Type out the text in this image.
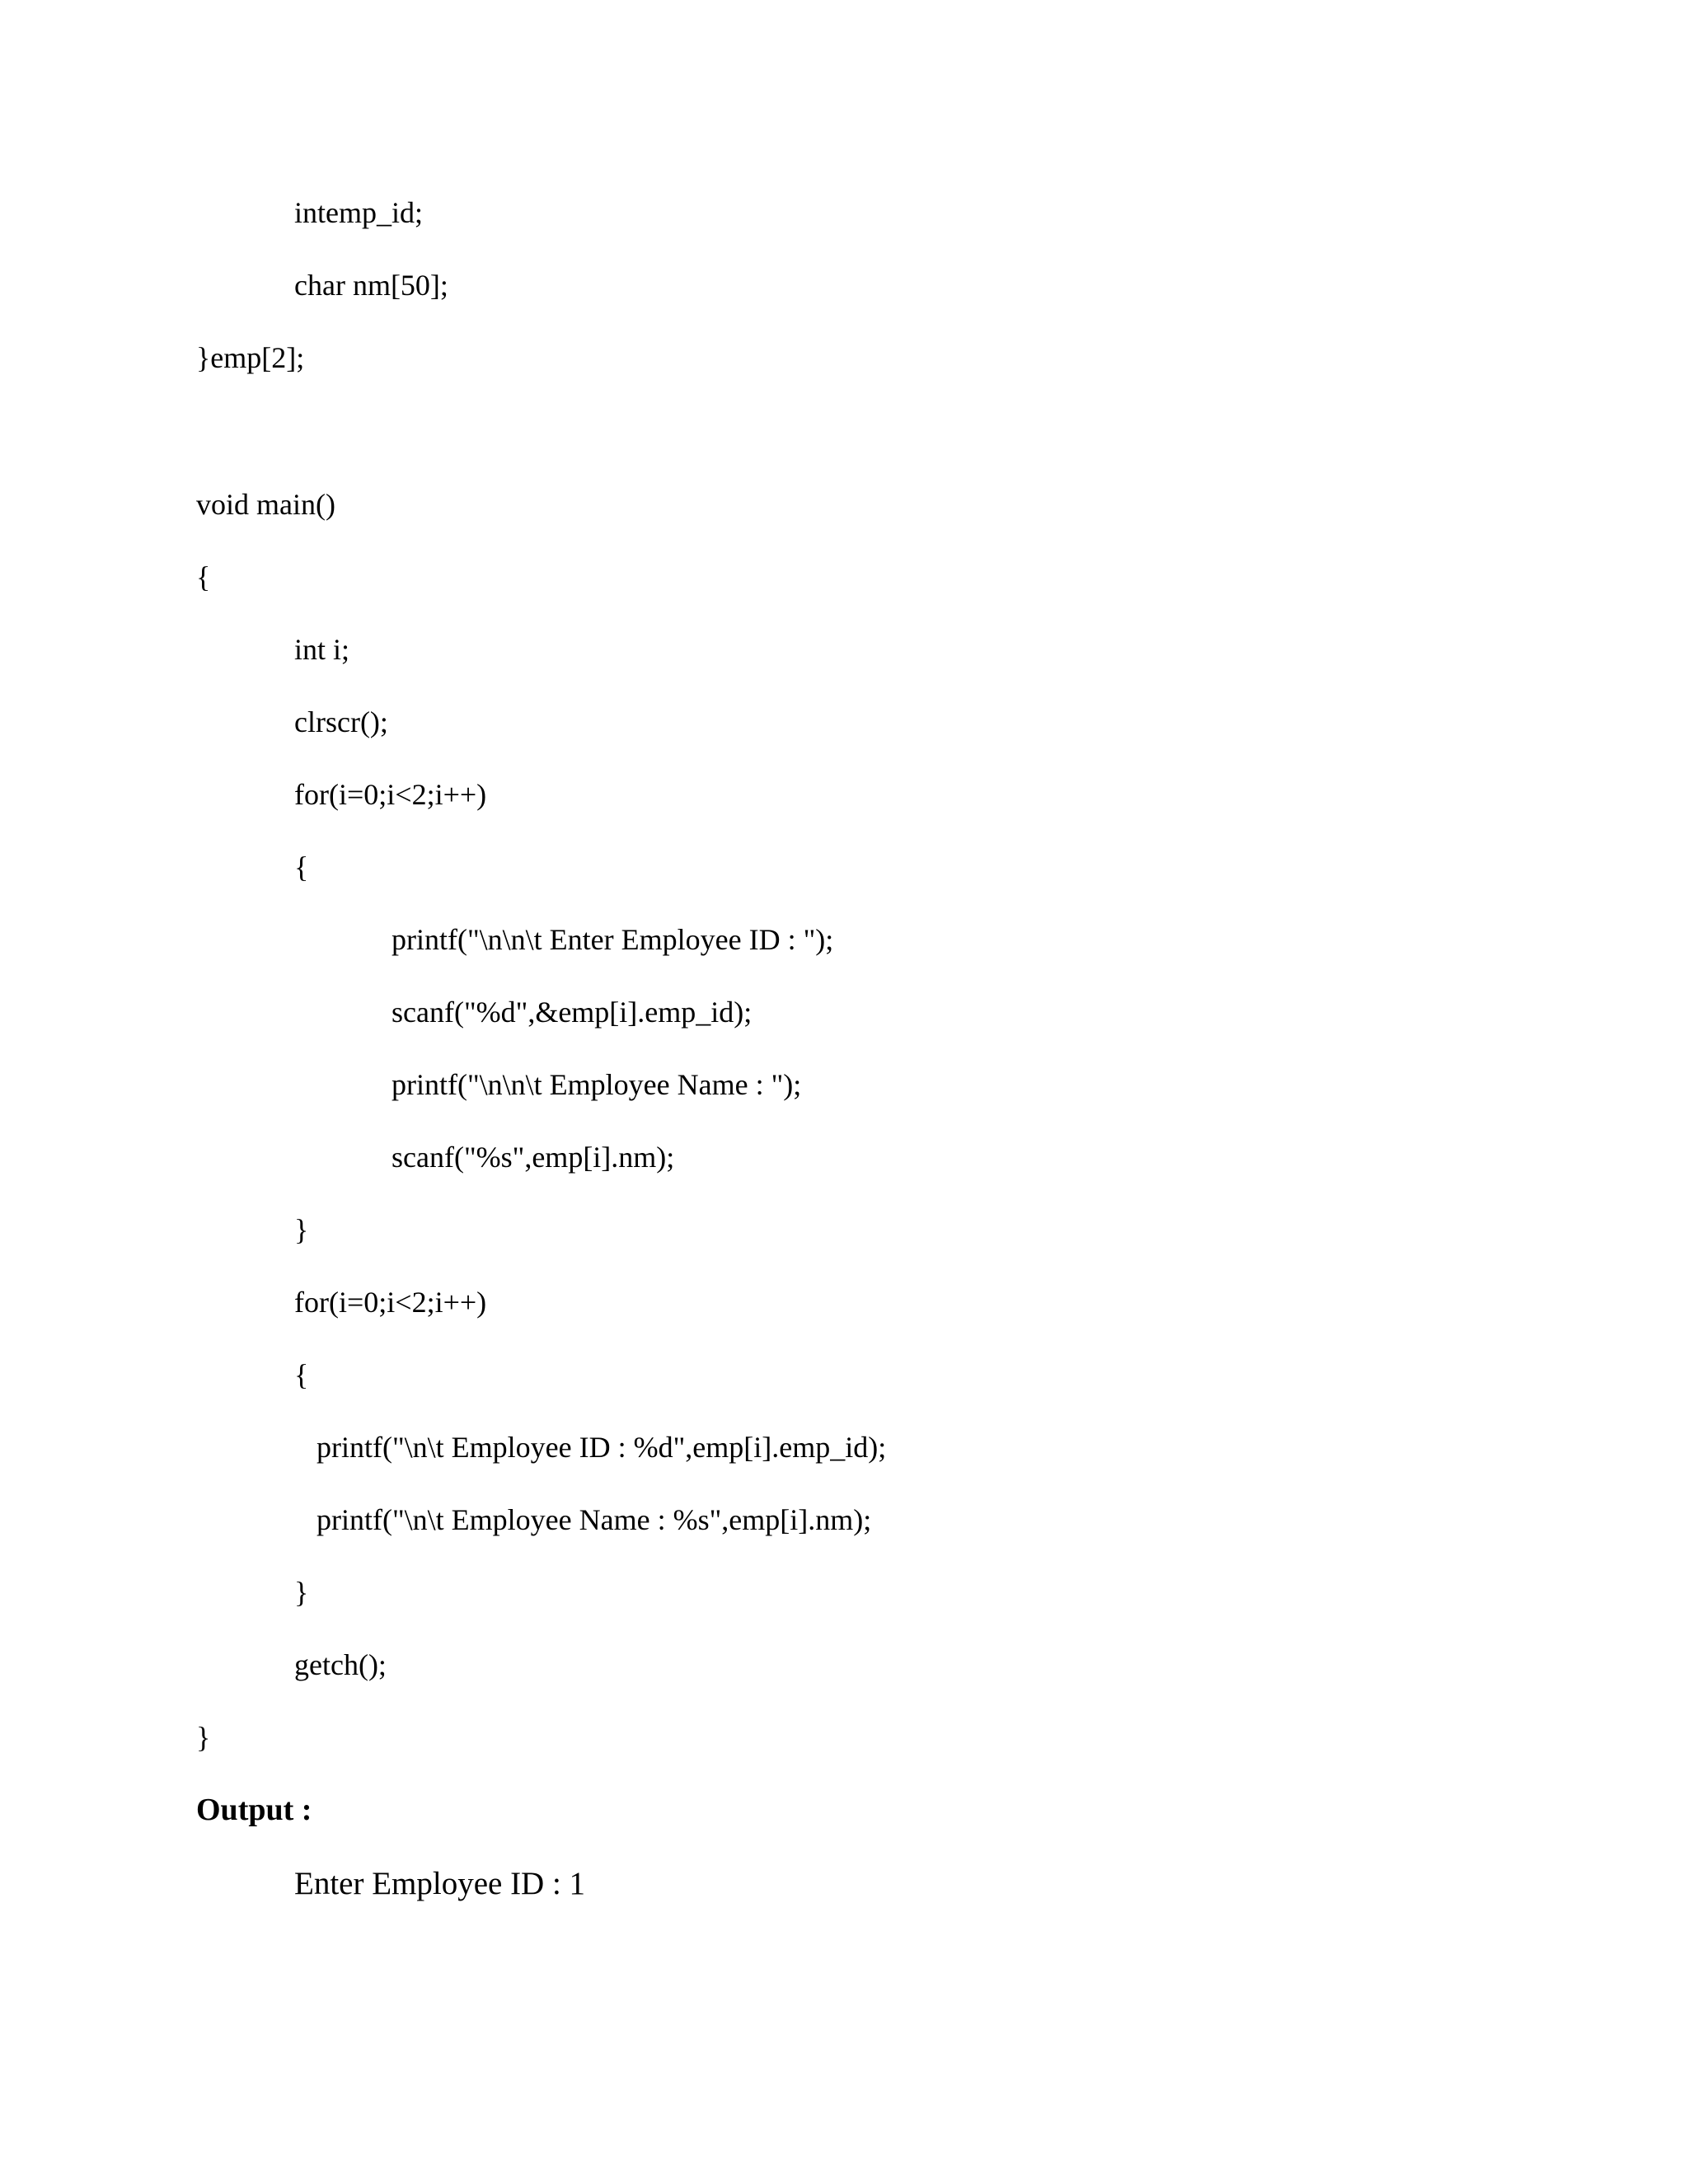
intemp_id;
char nm[50];
}emp[2];
void main()
{
int i;
clrscr();
for(i=0;i<2;i++)
{
printf("\n\n\t Enter Employee ID : ");
scanf("%d",&emp[i].emp_id);
printf("\n\n\t Employee Name : ");
scanf("%s",emp[i].nm);
}
for(i=0;i<2;i++)
{
printf("\n\t Employee ID : %d",emp[i].emp_id);
printf("\n\t Employee Name : %s",emp[i].nm);
}
getch();
}
Output :
Enter Employee ID : 1
